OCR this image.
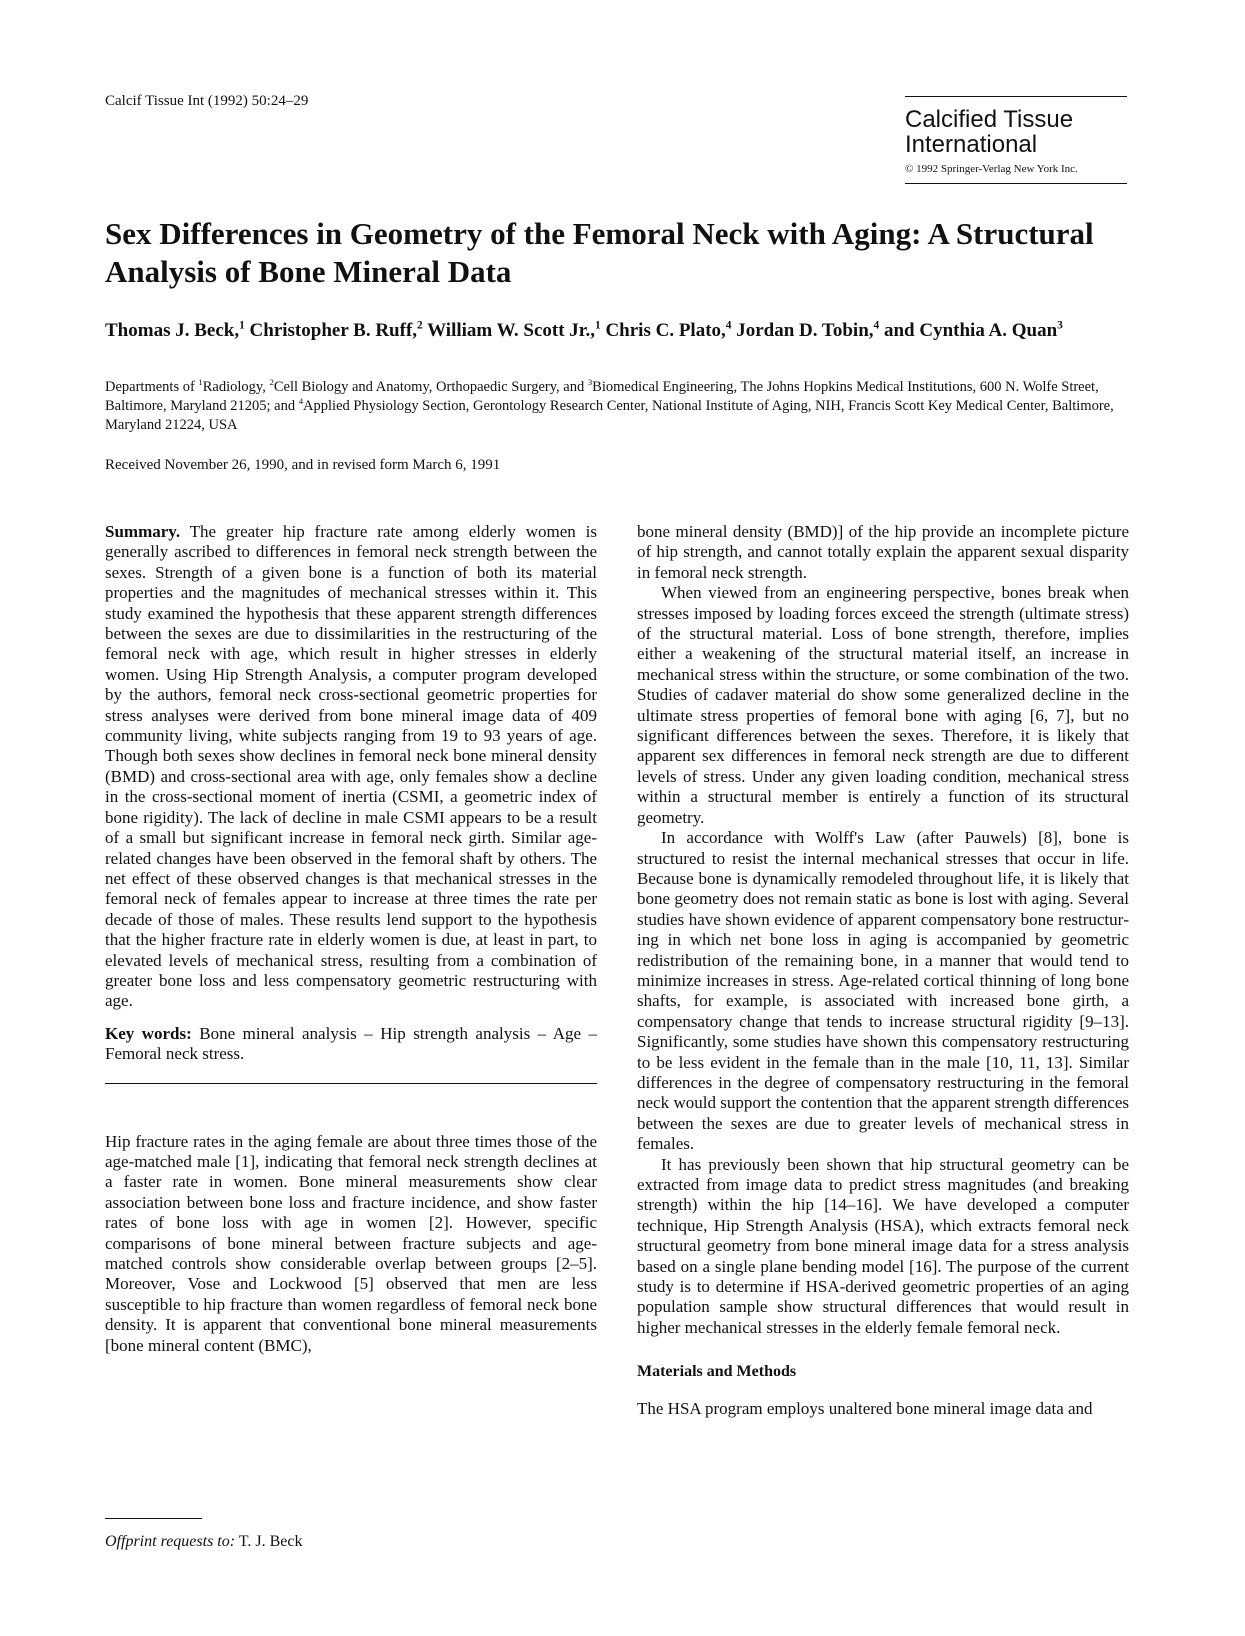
Calcif Tissue Int (1992) 50:24–29
Calcified Tissue International
© 1992 Springer-Verlag New York Inc.
Sex Differences in Geometry of the Femoral Neck with Aging: A Structural Analysis of Bone Mineral Data
Thomas J. Beck,$^1$ Christopher B. Ruff,$^2$ William W. Scott Jr.,$^1$ Chris C. Plato,$^4$ Jordan D. Tobin,$^4$ and Cynthia A. Quan$^3$
Departments of $^1$Radiology, $^2$Cell Biology and Anatomy, Orthopaedic Surgery, and $^3$Biomedical Engineering, The Johns Hopkins Medical Institutions, 600 N. Wolfe Street, Baltimore, Maryland 21205; and $^4$Applied Physiology Section, Gerontology Research Center, National Institute of Aging, NIH, Francis Scott Key Medical Center, Baltimore, Maryland 21224, USA
Received November 26, 1990, and in revised form March 6, 1991

Summary. The greater hip fracture rate among elderly women is generally ascribed to differences in femoral neck strength between the sexes. Strength of a given bone is a function of both its material properties and the magnitudes of mechanical stresses within it. This study examined the hypothesis that these apparent strength differences between the sexes are due to dissimilarities in the restructuring of the femoral neck with age, which result in higher stresses in elderly women. Using Hip Strength Analysis, a computer program developed by the authors, femoral neck cross-sectional geometric properties for stress analyses were derived from bone mineral image data of 409 community living, white subjects ranging from 19 to 93 years of age. Though both sexes show declines in femoral neck bone mineral density (BMD) and cross-sectional area with age, only females show a decline in the cross-sectional moment of inertia (CSMI, a geometric index of bone rigidity). The lack of decline in male CSMI appears to be a result of a small but significant increase in femoral neck girth. Similar age-related changes have been observed in the femoral shaft by others. The net effect of these observed changes is that mechanical stresses in the femoral neck of females appear to increase at three times the rate per decade of those of males. These results lend support to the hypothesis that the higher fracture rate in elderly women is due, at least in part, to elevated levels of mechanical stress, resulting from a combination of greater bone loss and less compensatory geometric restructuring with age.

Key words: Bone mineral analysis – Hip strength analysis – Age – Femoral neck stress.

Hip fracture rates in the aging female are about three times those of the age-matched male [1], indicating that femoral neck strength declines at a faster rate in women. Bone mineral measurements show clear association between bone loss and fracture incidence, and show faster rates of bone loss with age in women [2]. However, specific comparisons of bone mineral between fracture subjects and age-matched controls show considerable overlap between groups [2–5]. Moreover, Vose and Lockwood [5] observed that men are less susceptible to hip fracture than women regardless of femoral neck bone density. It is apparent that conventional bone mineral measurements [bone mineral content (BMC),

bone mineral density (BMD)] of the hip provide an incomplete picture of hip strength, and cannot totally explain the apparent sexual disparity in femoral neck strength.

When viewed from an engineering perspective, bones break when stresses imposed by loading forces exceed the strength (ultimate stress) of the structural material. Loss of bone strength, therefore, implies either a weakening of the structural material itself, an increase in mechanical stress within the structure, or some combination of the two. Studies of cadaver material do show some generalized decline in the ultimate stress properties of femoral bone with aging [6, 7], but no significant differences between the sexes. Therefore, it is likely that apparent sex differences in femoral neck strength are due to different levels of stress. Under any given loading condition, mechanical stress within a structural member is entirely a function of its structural geometry.

In accordance with Wolff's Law (after Pauwels) [8], bone is structured to resist the internal mechanical stresses that occur in life. Because bone is dynamically remodeled throughout life, it is likely that bone geometry does not remain static as bone is lost with aging. Several studies have shown evidence of apparent compensatory bone restructuring in which net bone loss in aging is accompanied by geometric redistribution of the remaining bone, in a manner that would tend to minimize increases in stress. Age-related cortical thinning of long bone shafts, for example, is associated with increased bone girth, a compensatory change that tends to increase structural rigidity [9–13]. Significantly, some studies have shown this compensatory restructuring to be less evident in the female than in the male [10, 11, 13]. Similar differences in the degree of compensatory restructuring in the femoral neck would support the contention that the apparent strength differences between the sexes are due to greater levels of mechanical stress in females.

It has previously been shown that hip structural geometry can be extracted from image data to predict stress magnitudes (and breaking strength) within the hip [14–16]. We have developed a computer technique, Hip Strength Analysis (HSA), which extracts femoral neck structural geometry from bone mineral image data for a stress analysis based on a single plane bending model [16]. The purpose of the current study is to determine if HSA-derived geometric properties of an aging population sample show structural differences that would result in higher mechanical stresses in the elderly female femoral neck.

Materials and Methods

The HSA program employs unaltered bone mineral image data and

Offprint requests to: T. J. Beck
